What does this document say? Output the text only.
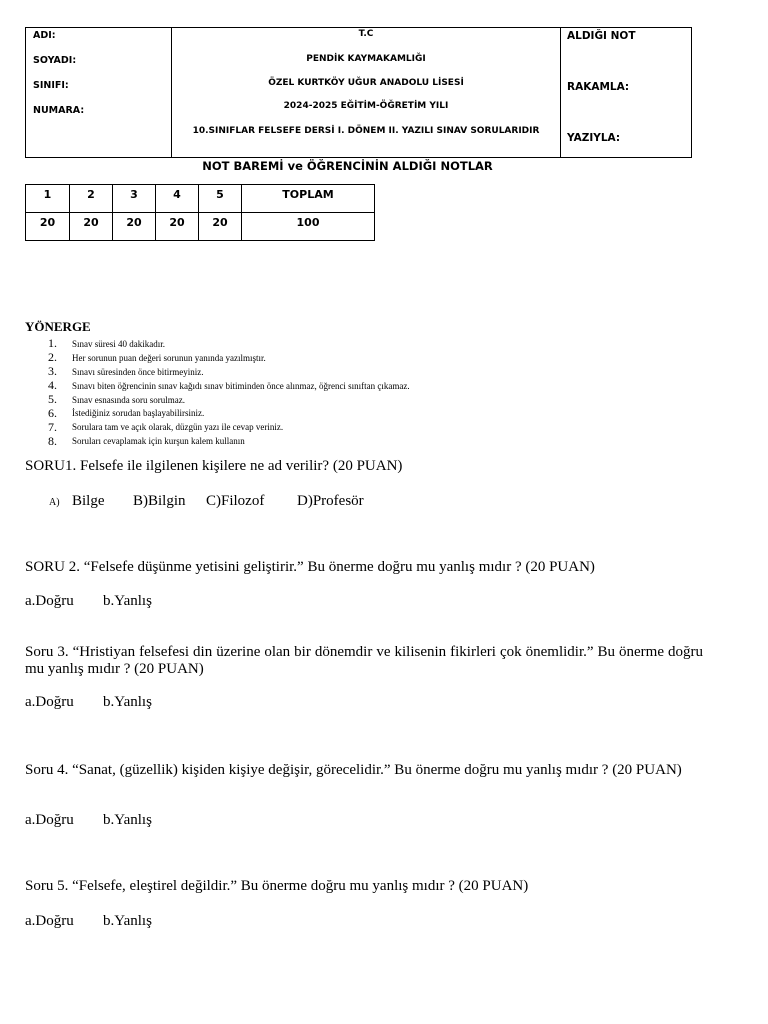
ADI:
SOYADI:
SINIFI:
NUMARA:
T.C
PENDİK KAYMAKAMLIĞI
ÖZEL KURTKÖY UĞUR ANADOLU LİSESİ
2024-2025 EĞİTİM-ÖĞRETİM YILI
10.SINIFLAR FELSEFE DERSİ I. DÖNEM II. YAZILI SINAV SORULARIDIR
ALDIĞI NOT
RAKAMLA:
YAZIYLA:
NOT BAREMİ ve ÖĞRENCİNİN ALDIĞI NOTLAR
1	2	3	4	5	TOPLAM
20	20	20	20	20	100
YÖNERGE
1.	Sınav süresi 40 dakikadır.
2.	Her sorunun puan değeri sorunun yanında yazılmıştır.
3.	Sınavı süresinden önce bitirmeyiniz.
4.	Sınavı biten öğrencinin sınav kağıdı sınav bitiminden önce alınmaz, öğrenci sınıftan çıkamaz.
5.	Sınav esnasında soru sorulmaz.
6.	İstediğiniz sorudan başlayabilirsiniz.
7.	Sorulara tam ve açık olarak, düzgün yazı ile cevap veriniz.
8.	Soruları cevaplamak için kurşun kalem kullanın
SORU1. Felsefe ile ilgilenen kişilere ne ad verilir? (20 PUAN)
A) Bilge B)Bilgin C)Filozof D)Profesör
SORU 2. “Felsefe düşünme yetisini geliştirir.” Bu önerme doğru mu yanlış mıdır ? (20 PUAN)
a.Doğru b.Yanlış
Soru 3. “Hristiyan felsefesi din üzerine olan bir dönemdir ve kilisenin fikirleri çok önemlidir.” Bu önerme doğru mu yanlış mıdır ? (20 PUAN)
a.Doğru b.Yanlış
Soru 4. “Sanat, (güzellik) kişiden kişiye değişir, görecelidir.” Bu önerme doğru mu yanlış mıdır ? (20 PUAN)
a.Doğru b.Yanlış
Soru 5. “Felsefe, eleştirel değildir.” Bu önerme doğru mu yanlış mıdır ? (20 PUAN)
a.Doğru b.Yanlış
